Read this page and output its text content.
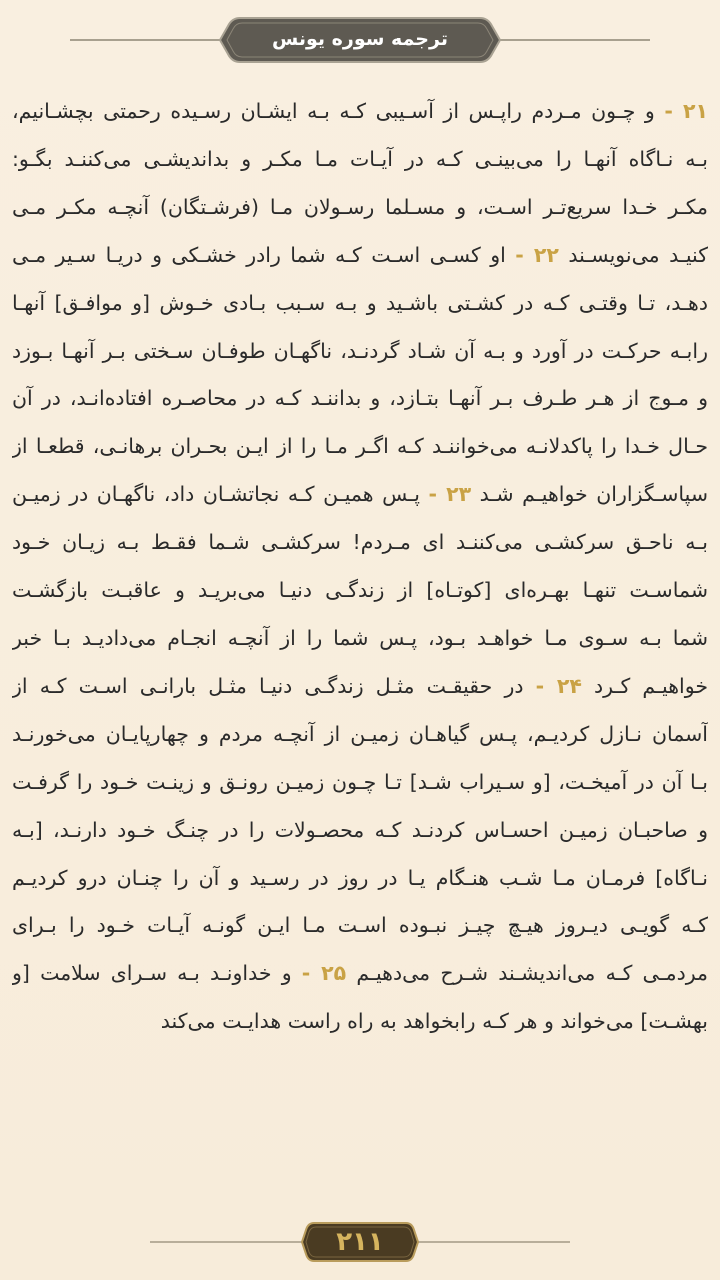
ترجمه سوره یونس
۲۱ - و چـون مـردم راپـس از آسـیبی کـه بـه ایشـان رسـیده رحمتی بچشـانیم،
بـه نـاگاه آنهـا را می‌بینـی کـه در آیـات مـا مکـر و بداندیشـی می‌کننـد بگـو:
مکـر خـدا سریع‌تـر اسـت، و مسـلما رسـولان مـا (فرشـتگان) آنچـه مکـر مـی
کنیـد می‌نویسـند ۲۲ - او کسـی اسـت کـه شما رادر خشـکی و دریـا سـیر مـی
دهـد، تـا وقتـی کـه در کشـتی باشـید و بـه سـبب بـادی خـوش [و موافـق] آنهـا
رابـه حرکـت در آورد و بـه آن شـاد گردنـد، ناگهـان طوفـان سـختی بـر آنهـا بـوزد
و مـوج از هـر طـرف بـر آنهـا بتـازد، و بداننـد کـه در محاصـره افتاده‌انـد، در آن
حـال خـدا را پاکدلانـه می‌خواننـد کـه اگـر مـا را از ایـن بحـران برهانـی، قطعـا از
سپاسـگزاران خواهیـم شـد ۲۳ - پـس همیـن کـه نجاتشـان داد، ناگهـان در زمیـن
بـه ناحـق سرکشـی می‌کننـد ای مـردم! سرکشـی شـما فقـط بـه زیـان خـود
شماسـت تنهـا بهـره‌ای [کوتـاه] از زندگـی دنیـا می‌بریـد و عاقبـت بازگشـت
شما بـه سـوی مـا خواهـد بـود، پـس شما را از آنچـه انجـام می‌دادیـد بـا خبر
خواهیـم کـرد ۲۴ - در حقیقـت مثـل زندگـی دنیـا مثـل بارانـی اسـت کـه از
آسمان نـازل کردیـم، پـس گیاهـان زمیـن از آنچـه مردم و چهارپایـان می‌خورنـد
بـا آن در آمیخـت، [و سـیراب شـد] تـا چـون زمیـن رونـق و زینـت خـود را گرفـت
و صاحبـان زمیـن احسـاس کردنـد کـه محصـولات را در چنـگ خـود دارنـد، [بـه
نـاگاه] فرمـان مـا شـب هنـگام یـا در روز در رسـید و آن را چنـان درو کردیـم
کـه گویـی دیـروز هیـچ چیـز نبـوده اسـت مـا ایـن گونـه آیـات خـود را بـرای
مردمـی کـه می‌اندیشـند شـرح می‌دهیـم ۲۵ - و خداونـد بـه سـرای سلامت [و
بهشـت] می‌خواند و هر کـه رابخواهد به راه راست هدایـت می‌کند
۲۱۱
